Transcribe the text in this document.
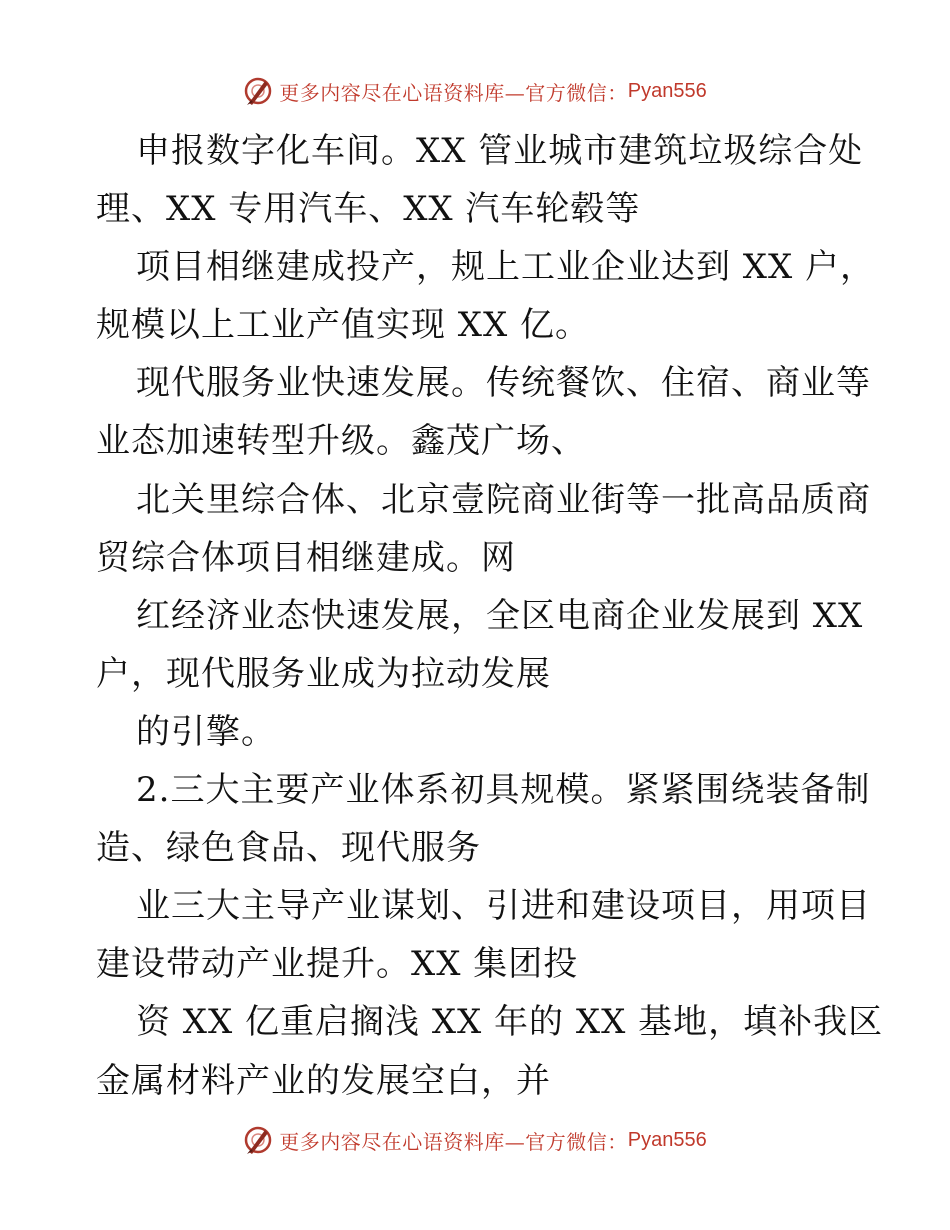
更多内容尽在心语资料库—官方微信： Pyan556
申报数字化车间。XX 管业城市建筑垃圾综合处
理、XX 专用汽车、XX 汽车轮毂等
项目相继建成投产，规上工业企业达到 XX 户，
规模以上工业产值实现 XX 亿。
现代服务业快速发展。传统餐饮、住宿、商业等
业态加速转型升级。鑫茂广场、
北关里综合体、北京壹院商业街等一批高品质商
贸综合体项目相继建成。网
红经济业态快速发展，全区电商企业发展到 XX
户，现代服务业成为拉动发展
的引擎。
2.三大主要产业体系初具规模。紧紧围绕装备制
造、绿色食品、现代服务
业三大主导产业谋划、引进和建设项目，用项目
建设带动产业提升。XX 集团投
资 XX 亿重启搁浅 XX 年的 XX 基地，填补我区
金属材料产业的发展空白，并
更多内容尽在心语资料库—官方微信： Pyan556
